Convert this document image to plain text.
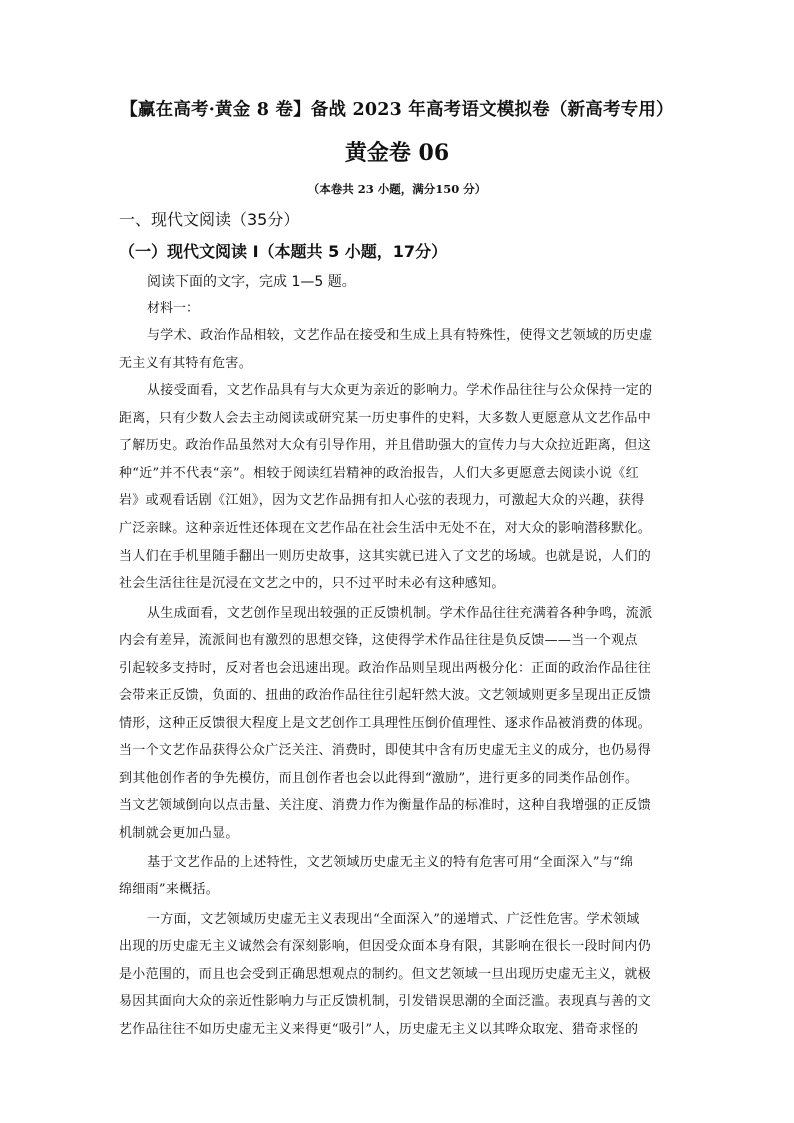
【赢在高考·黄金 8 卷】备战 2023 年高考语文模拟卷（新高考专用）
黄金卷 06
（本卷共 23 小题，满分150 分）
一、现代文阅读（35分）
（一）现代文阅读 I（本题共 5 小题，17分）
阅读下面的文字，完成 1—5 题。
材料一：
与学术、政治作品相较，文艺作品在接受和生成上具有特殊性，使得文艺领域的历史虚
无主义有其特有危害。
从接受面看，文艺作品具有与大众更为亲近的影响力。学术作品往往与公众保持一定的
距离，只有少数人会去主动阅读或研究某一历史事件的史料，大多数人更愿意从文艺作品中
了解历史。政治作品虽然对大众有引导作用，并且借助强大的宣传力与大众拉近距离，但这
种“近”并不代表“亲”。相较于阅读红岩精神的政治报告，人们大多更愿意去阅读小说《红
岩》或观看话剧《江姐》，因为文艺作品拥有扣人心弦的表现力，可激起大众的兴趣，获得
广泛亲睐。这种亲近性还体现在文艺作品在社会生活中无处不在，对大众的影响潜移默化。
当人们在手机里随手翻出一则历史故事，这其实就已进入了文艺的场域。也就是说，人们的
社会生活往往是沉浸在文艺之中的，只不过平时未必有这种感知。
从生成面看，文艺创作呈现出较强的正反馈机制。学术作品往往充满着各种争鸣，流派
内会有差异，流派间也有激烈的思想交锋，这使得学术作品往往是负反馈——当一个观点
引起较多支持时，反对者也会迅速出现。政治作品则呈现出两极分化：正面的政治作品往往
会带来正反馈，负面的、扭曲的政治作品往往引起轩然大波。文艺领域则更多呈现出正反馈
情形，这种正反馈很大程度上是文艺创作工具理性压倒价值理性、逐求作品被消费的体现。
当一个文艺作品获得公众广泛关注、消费时，即使其中含有历史虚无主义的成分，也仍易得
到其他创作者的争先模仿，而且创作者也会以此得到“激励”，进行更多的同类作品创作。
当文艺领域倒向以点击量、关注度、消费力作为衡量作品的标准时，这种自我增强的正反馈
机制就会更加凸显。
基于文艺作品的上述特性，文艺领域历史虚无主义的特有危害可用“全面深入”与“绵
绵细雨”来概括。
一方面，文艺领域历史虚无主义表现出“全面深入”的递增式、广泛性危害。学术领域
出现的历史虚无主义诚然会有深刻影响，但因受众面本身有限，其影响在很长一段时间内仍
是小范围的，而且也会受到正确思想观点的制约。但文艺领域一旦出现历史虚无主义，就极
易因其面向大众的亲近性影响力与正反馈机制，引发错误思潮的全面泛滥。表现真与善的文
艺作品往往不如历史虚无主义来得更“吸引”人，历史虚无主义以其哗众取宠、猎奇求怪的
